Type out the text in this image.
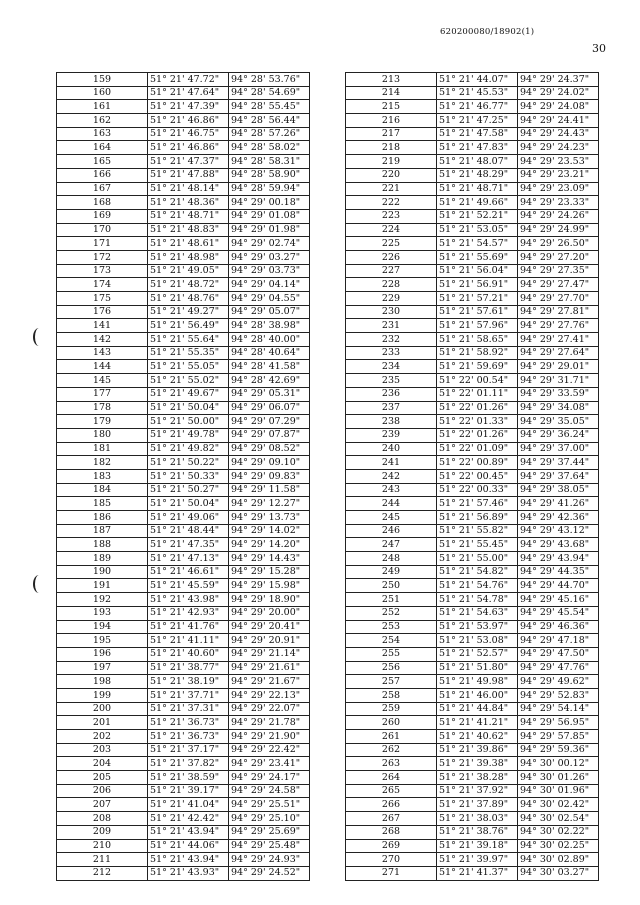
620200080/18902(1)
30
159	51° 21' 47.72"	94° 28' 53.76"
160	51° 21' 47.64"	94° 28' 54.69"
161	51° 21' 47.39"	94° 28' 55.45"
162	51° 21' 46.86"	94° 28' 56.44"
163	51° 21' 46.75"	94° 28' 57.26"
164	51° 21' 46.86"	94° 28' 58.02"
165	51° 21' 47.37"	94° 28' 58.31"
166	51° 21' 47.88"	94° 28' 58.90"
167	51° 21' 48.14"	94° 28' 59.94"
168	51° 21' 48.36"	94° 29' 00.18"
169	51° 21' 48.71"	94° 29' 01.08"
170	51° 21' 48.83"	94° 29' 01.98"
171	51° 21' 48.61"	94° 29' 02.74"
172	51° 21' 48.98"	94° 29' 03.27"
173	51° 21' 49.05"	94° 29' 03.73"
174	51° 21' 48.72"	94° 29' 04.14"
175	51° 21' 48.76"	94° 29' 04.55"
176	51° 21' 49.27"	94° 29' 05.07"
141	51° 21' 56.49"	94° 28' 38.98"
142	51° 21' 55.64"	94° 28' 40.00"
143	51° 21' 55.35"	94° 28' 40.64"
144	51° 21' 55.05"	94° 28' 41.58"
145	51° 21' 55.02"	94° 28' 42.69"
177	51° 21' 49.67"	94° 29' 05.31"
178	51° 21' 50.04"	94° 29' 06.07"
179	51° 21' 50.00"	94° 29' 07.29"
180	51° 21' 49.78"	94° 29' 07.87"
181	51° 21' 49.82"	94° 29' 08.52"
182	51° 21' 50.22"	94° 29' 09.10"
183	51° 21' 50.33"	94° 29' 09.83"
184	51° 21' 50.27"	94° 29' 11.58"
185	51° 21' 50.04"	94° 29' 12.27"
186	51° 21' 49.06"	94° 29' 13.73"
187	51° 21' 48.44"	94° 29' 14.02"
188	51° 21' 47.35"	94° 29' 14.20"
189	51° 21' 47.13"	94° 29' 14.43"
190	51° 21' 46.61"	94° 29' 15.28"
191	51° 21' 45.59"	94° 29' 15.98"
192	51° 21' 43.98"	94° 29' 18.90"
193	51° 21' 42.93"	94° 29' 20.00"
194	51° 21' 41.76"	94° 29' 20.41"
195	51° 21' 41.11"	94° 29' 20.91"
196	51° 21' 40.60"	94° 29' 21.14"
197	51° 21' 38.77"	94° 29' 21.61"
198	51° 21' 38.19"	94° 29' 21.67"
199	51° 21' 37.71"	94° 29' 22.13"
200	51° 21' 37.31"	94° 29' 22.07"
201	51° 21' 36.73"	94° 29' 21.78"
202	51° 21' 36.73"	94° 29' 21.90"
203	51° 21' 37.17"	94° 29' 22.42"
204	51° 21' 37.82"	94° 29' 23.41"
205	51° 21' 38.59"	94° 29' 24.17"
206	51° 21' 39.17"	94° 29' 24.58"
207	51° 21' 41.04"	94° 29' 25.51"
208	51° 21' 42.42"	94° 29' 25.10"
209	51° 21' 43.94"	94° 29' 25.69"
210	51° 21' 44.06"	94° 29' 25.48"
211	51° 21' 43.94"	94° 29' 24.93"
212	51° 21' 43.93"	94° 29' 24.52"
213	51° 21' 44.07"	94° 29' 24.37"
214	51° 21' 45.53"	94° 29' 24.02"
215	51° 21' 46.77"	94° 29' 24.08"
216	51° 21' 47.25"	94° 29' 24.41"
217	51° 21' 47.58"	94° 29' 24.43"
218	51° 21' 47.83"	94° 29' 24.23"
219	51° 21' 48.07"	94° 29' 23.53"
220	51° 21' 48.29"	94° 29' 23.21"
221	51° 21' 48.71"	94° 29' 23.09"
222	51° 21' 49.66"	94° 29' 23.33"
223	51° 21' 52.21"	94° 29' 24.26"
224	51° 21' 53.05"	94° 29' 24.99"
225	51° 21' 54.57"	94° 29' 26.50"
226	51° 21' 55.69"	94° 29' 27.20"
227	51° 21' 56.04"	94° 29' 27.35"
228	51° 21' 56.91"	94° 29' 27.47"
229	51° 21' 57.21"	94° 29' 27.70"
230	51° 21' 57.61"	94° 29' 27.81"
231	51° 21' 57.96"	94° 29' 27.76"
232	51° 21' 58.65"	94° 29' 27.41"
233	51° 21' 58.92"	94° 29' 27.64"
234	51° 21' 59.69"	94° 29' 29.01"
235	51° 22' 00.54"	94° 29' 31.71"
236	51° 22' 01.11"	94° 29' 33.59"
237	51° 22' 01.26"	94° 29' 34.08"
238	51° 22' 01.33"	94° 29' 35.05"
239	51° 22' 01.26"	94° 29' 36.24"
240	51° 22' 01.09"	94° 29' 37.00"
241	51° 22' 00.89"	94° 29' 37.44"
242	51° 22' 00.45"	94° 29' 37.64"
243	51° 22' 00.33"	94° 29' 38.05"
244	51° 21' 57.46"	94° 29' 41.26"
245	51° 21' 56.89"	94° 29' 42.36"
246	51° 21' 55.82"	94° 29' 43.12"
247	51° 21' 55.45"	94° 29' 43.68"
248	51° 21' 55.00"	94° 29' 43.94"
249	51° 21' 54.82"	94° 29' 44.35"
250	51° 21' 54.76"	94° 29' 44.70"
251	51° 21' 54.78"	94° 29' 45.16"
252	51° 21' 54.63"	94° 29' 45.54"
253	51° 21' 53.97"	94° 29' 46.36"
254	51° 21' 53.08"	94° 29' 47.18"
255	51° 21' 52.57"	94° 29' 47.50"
256	51° 21' 51.80"	94° 29' 47.76"
257	51° 21' 49.98"	94° 29' 49.62"
258	51° 21' 46.00"	94° 29' 52.83"
259	51° 21' 44.84"	94° 29' 54.14"
260	51° 21' 41.21"	94° 29' 56.95"
261	51° 21' 40.62"	94° 29' 57.85"
262	51° 21' 39.86"	94° 29' 59.36"
263	51° 21' 39.38"	94° 30' 00.12"
264	51° 21' 38.28"	94° 30' 01.26"
265	51° 21' 37.92"	94° 30' 01.96"
266	51° 21' 37.89"	94° 30' 02.42"
267	51° 21' 38.03"	94° 30' 02.54"
268	51° 21' 38.76"	94° 30' 02.22"
269	51° 21' 39.18"	94° 30' 02.25"
270	51° 21' 39.97"	94° 30' 02.89"
271	51° 21' 41.37"	94° 30' 03.27"
